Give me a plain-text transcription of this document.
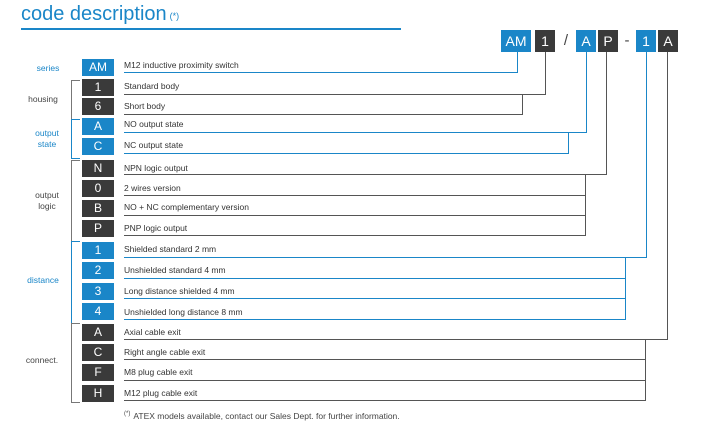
code description (*)
AM	1	/ A P - 1 A
series
housing
output
state
output
logic
distance
connect.
AM	M12 inductive proximity switch
1	Standard body
6	Short body
A	NO output state
C	NC output state
N	NPN logic output
0	2 wires version
B	NO + NC complementary version
P	PNP logic output
1	Shielded standard 2 mm
2	Unshielded standard 4 mm
3	Long distance shielded 4 mm
4	Unshielded long distance 8 mm
A	Axial cable exit
C	Right angle cable exit
F	M8 plug cable exit
H	M12 plug cable exit
(*) ATEX models available, contact our Sales Dept. for further information.
